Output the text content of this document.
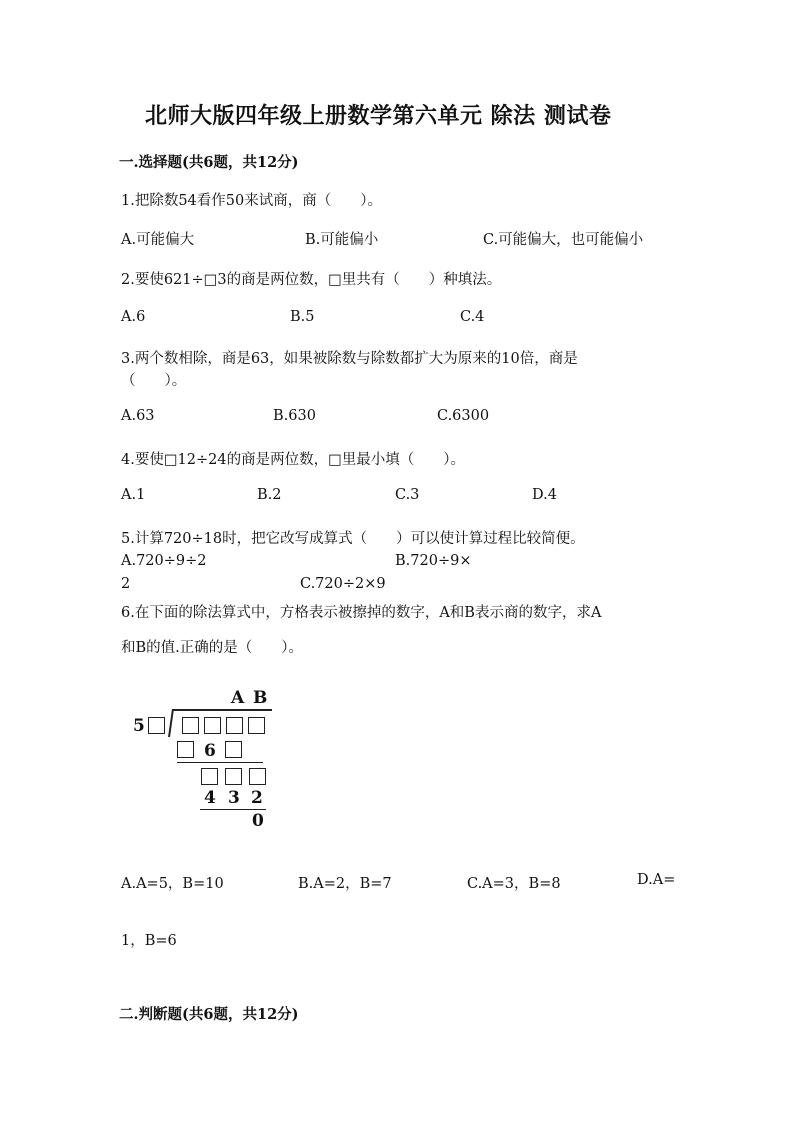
北师大版四年级上册数学第六单元 除法 测试卷
一.选择题(共6题，共12分)
1.把除数54看作50来试商，商（　　）。
A.可能偏大	B.可能偏小	C.可能偏大，也可能偏小
2.要使621÷□3的商是两位数，□里共有（　　）种填法。
A.6	B.5	C.4
3.两个数相除，商是63，如果被除数与除数都扩大为原来的10倍，商是
（　　）。
A.63	B.630	C.6300
4.要使□12÷24的商是两位数，□里最小填（　　）。
A.1	B.2	C.3	D.4
5.计算720÷18时，把它改写成算式（　　）可以使计算过程比较简便。
A.720÷9÷2	B.720÷9×
2	C.720÷2×9
6.在下面的除法算式中，方格表示被擦掉的数字，A和B表示商的数字，求A
和B的值.正确的是（　　）。
A B
5
6
4 3 2
0
A.A=5，B=10	B.A=2，B=7	C.A=3，B=8	D.A=
1，B=6
二.判断题(共6题，共12分)
